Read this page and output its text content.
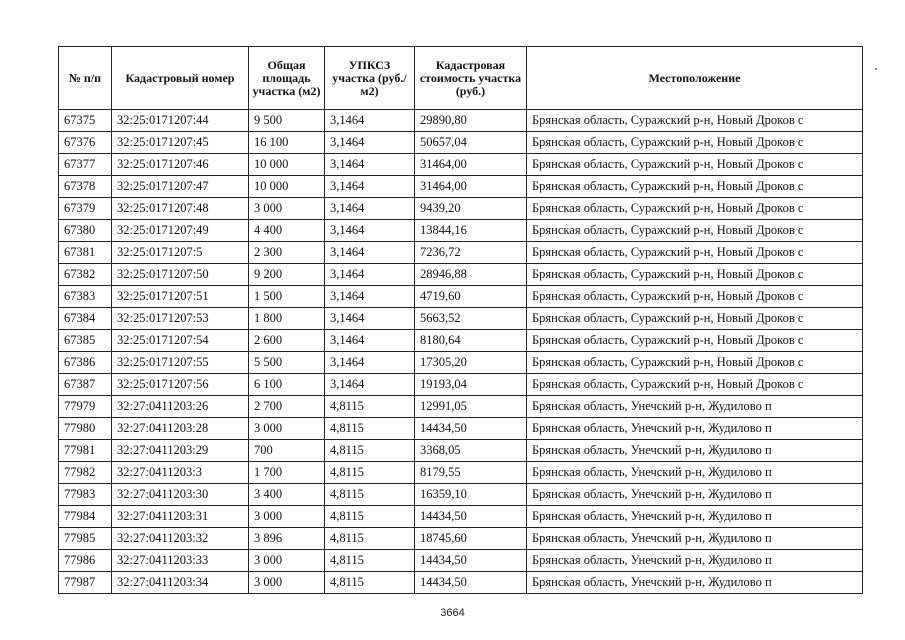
№ п/п	Кадастровый номер	Общая площадь участка (м2)	УПКСЗ участка (руб./м2)	Кадастровая стоимость участка (руб.)	Местоположение
67375	32:25:0171207:44	9 500	3,1464	29890,80	Брянская область, Суражский р-н, Новый Дроков с
67376	32:25:0171207:45	16 100	3,1464	50657,04	Брянская область, Суражский р-н, Новый Дроков с
67377	32:25:0171207:46	10 000	3,1464	31464,00	Брянская область, Суражский р-н, Новый Дроков с
67378	32:25:0171207:47	10 000	3,1464	31464,00	Брянская область, Суражский р-н, Новый Дроков с
67379	32:25:0171207:48	3 000	3,1464	9439,20	Брянская область, Суражский р-н, Новый Дроков с
67380	32:25:0171207:49	4 400	3,1464	13844,16	Брянская область, Суражский р-н, Новый Дроков с
67381	32:25:0171207:5	2 300	3,1464	7236,72	Брянская область, Суражский р-н, Новый Дроков с
67382	32:25:0171207:50	9 200	3,1464	28946,88	Брянская область, Суражский р-н, Новый Дроков с
67383	32:25:0171207:51	1 500	3,1464	4719,60	Брянская область, Суражский р-н, Новый Дроков с
67384	32:25:0171207:53	1 800	3,1464	5663,52	Брянская область, Суражский р-н, Новый Дроков с
67385	32:25:0171207:54	2 600	3,1464	8180,64	Брянская область, Суражский р-н, Новый Дроков с
67386	32:25:0171207:55	5 500	3,1464	17305,20	Брянская область, Суражский р-н, Новый Дроков с
67387	32:25:0171207:56	6 100	3,1464	19193,04	Брянская область, Суражский р-н, Новый Дроков с
77979	32:27:0411203:26	2 700	4,8115	12991,05	Брянская область, Унечский р-н, Жудилово п
77980	32:27:0411203:28	3 000	4,8115	14434,50	Брянская область, Унечский р-н, Жудилово п
77981	32:27:0411203:29	700	4,8115	3368,05	Брянская область, Унечский р-н, Жудилово п
77982	32:27:0411203:3	1 700	4,8115	8179,55	Брянская область, Унечский р-н, Жудилово п
77983	32:27:0411203:30	3 400	4,8115	16359,10	Брянская область, Унечский р-н, Жудилово п
77984	32:27:0411203:31	3 000	4,8115	14434,50	Брянская область, Унечский р-н, Жудилово п
77985	32:27:0411203:32	3 896	4,8115	18745,60	Брянская область, Унечский р-н, Жудилово п
77986	32:27:0411203:33	3 000	4,8115	14434,50	Брянская область, Унечский р-н, Жудилово п
77987	32:27:0411203:34	3 000	4,8115	14434,50	Брянская область, Унечский р-н, Жудилово п
3664
